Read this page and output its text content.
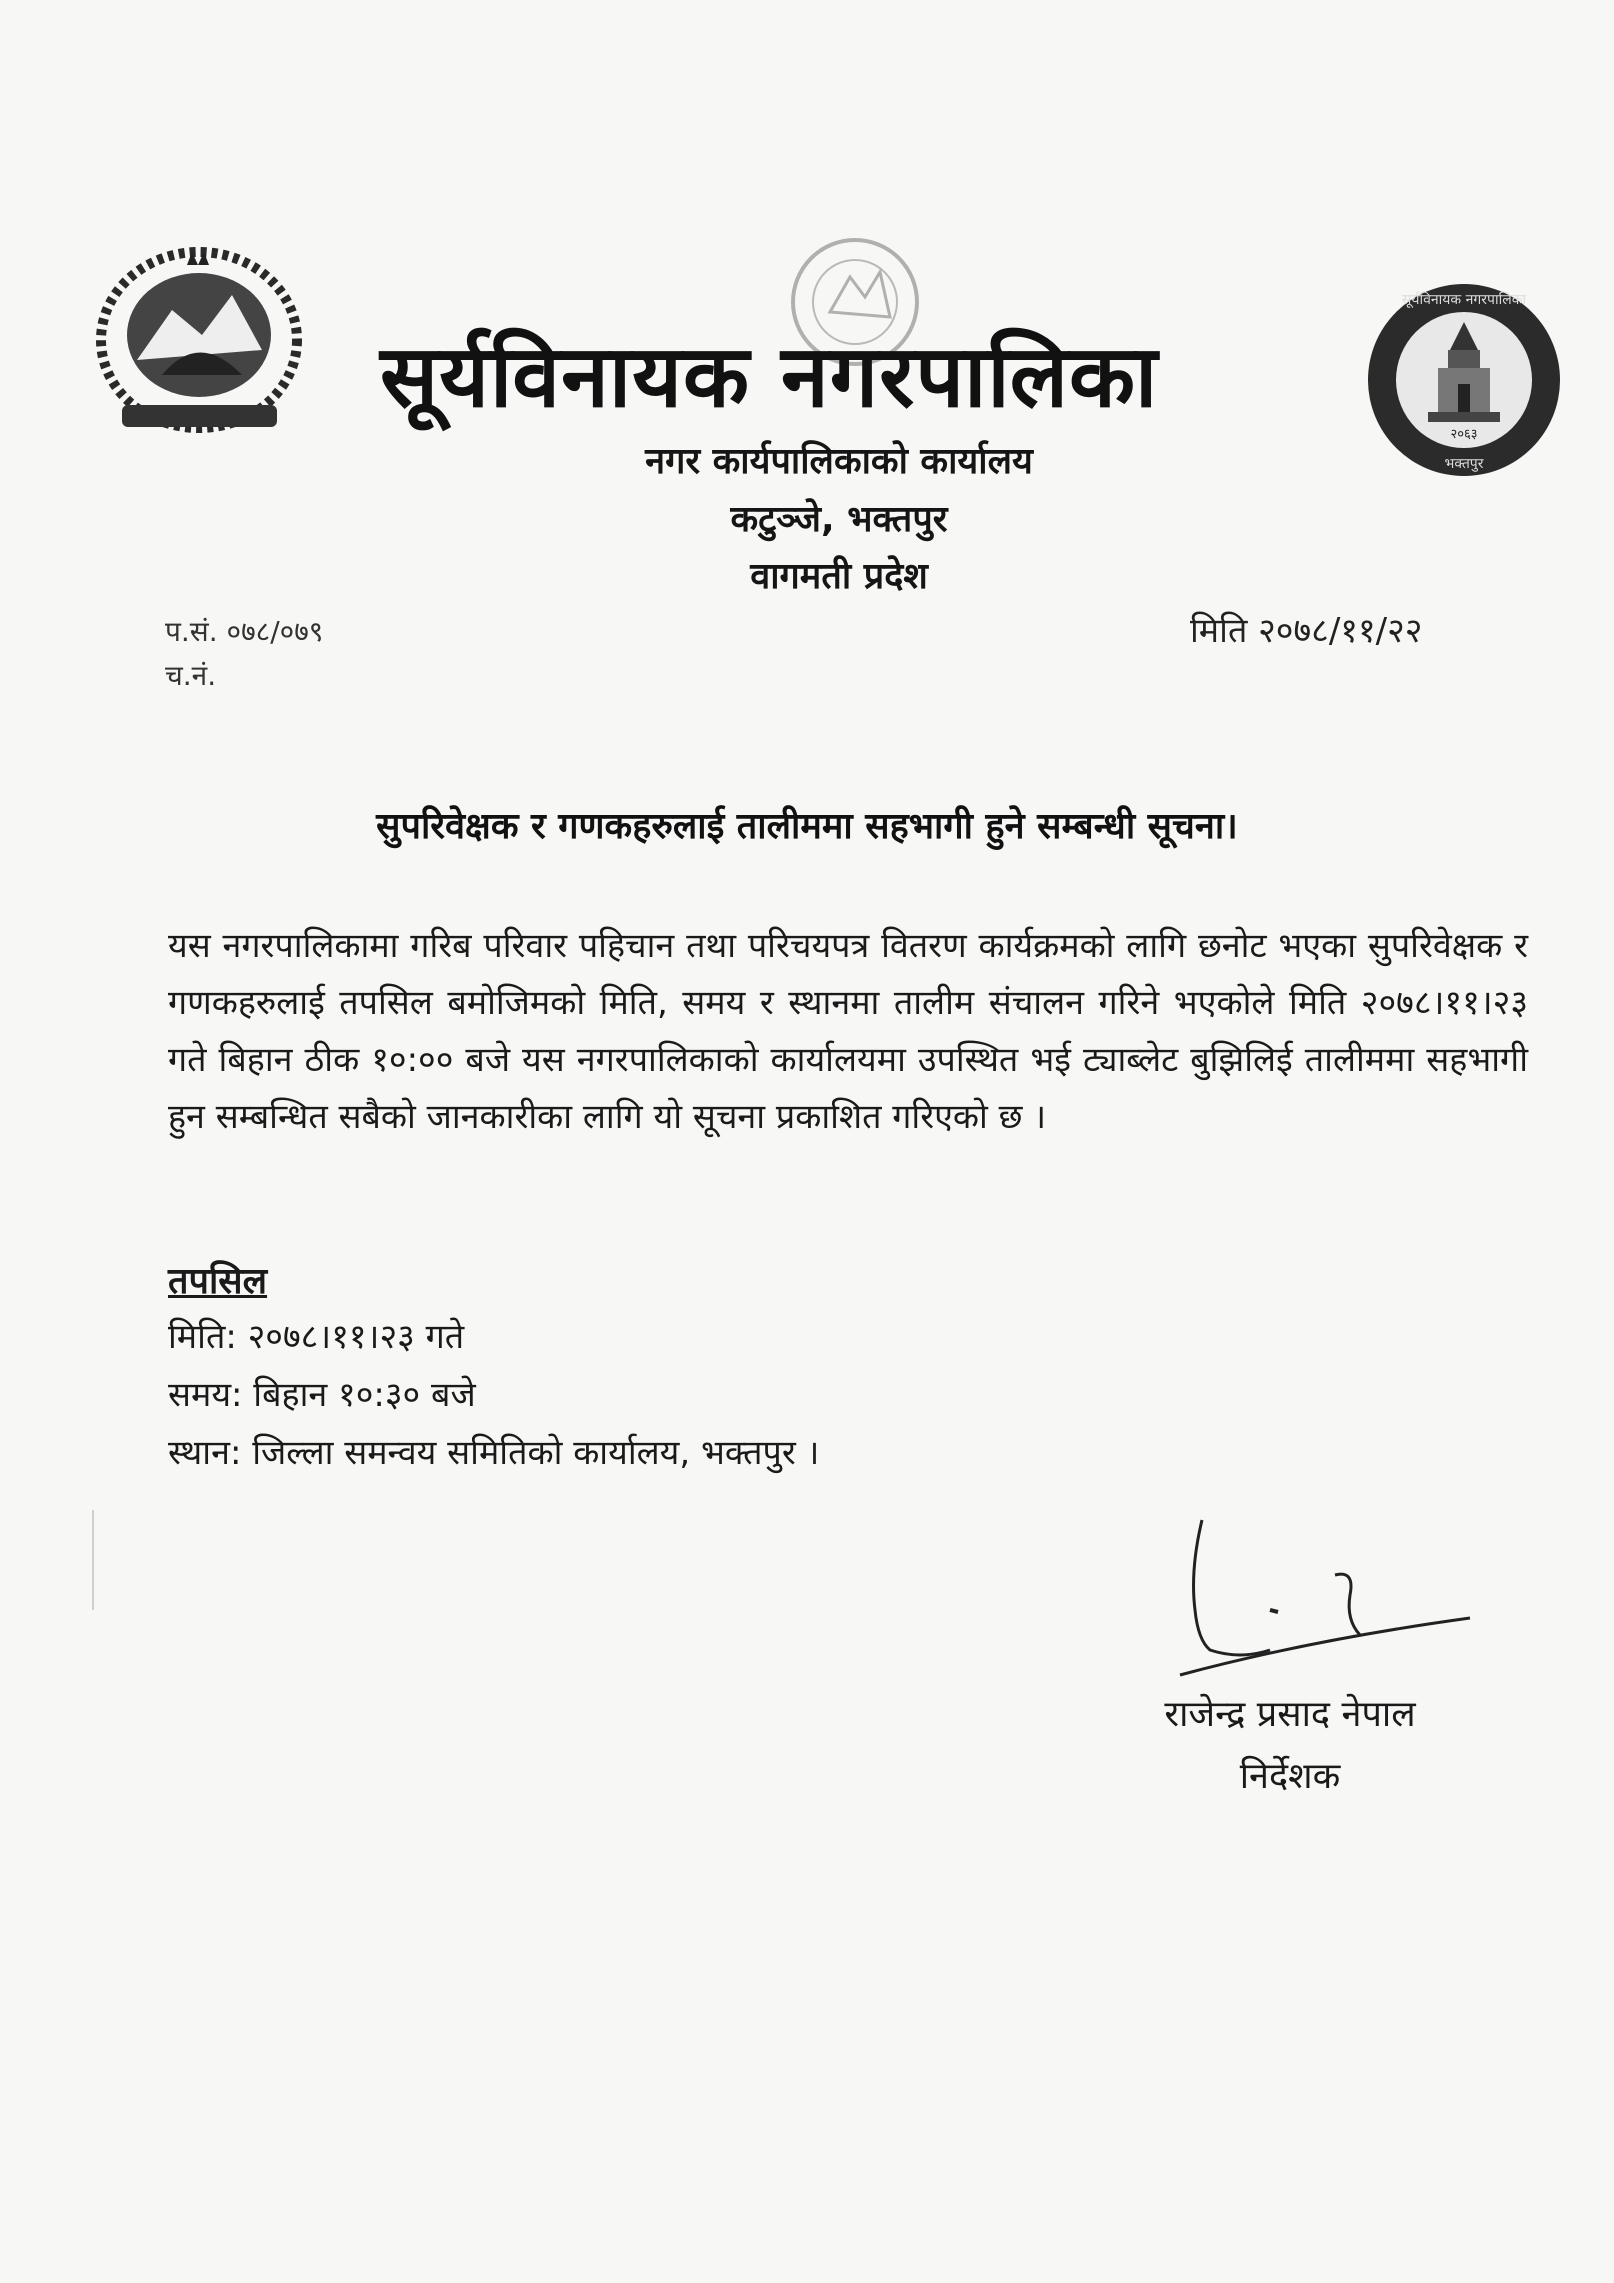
सूर्यविनायक नगरपालिका
२०६३
भक्तपुर
सूर्यविनायक नगरपालिका
नगर कार्यपालिकाको कार्यालय
कटुञ्जे, भक्तपुर
वागमती प्रदेश
प.सं. ०७८/०७९
च.नं.
मिति २०७८/११/२२
सुपरिवेक्षक र गणकहरुलाई तालीममा सहभागी हुने सम्बन्धी सूचना।
यस नगरपालिकामा गरिब परिवार पहिचान तथा परिचयपत्र वितरण कार्यक्रमको लागि छनोट भएका सुपरिवेक्षक र गणकहरुलाई तपसिल बमोजिमको मिति, समय र स्थानमा तालीम संचालन गरिने भएकोले मिति २०७८।११।२३ गते बिहान ठीक १०:०० बजे यस नगरपालिकाको कार्यालयमा उपस्थित भई ट्याब्लेट बुझिलिई तालीममा सहभागी हुन सम्बन्धित सबैको जानकारीका लागि यो सूचना प्रकाशित गरिएको छ ।
तपसिल
मिति: २०७८।११।२३ गते
समय: बिहान १०:३० बजे
स्थान: जिल्ला समन्वय समितिको कार्यालय, भक्तपुर ।
राजेन्द्र प्रसाद नेपाल
निर्देशक
